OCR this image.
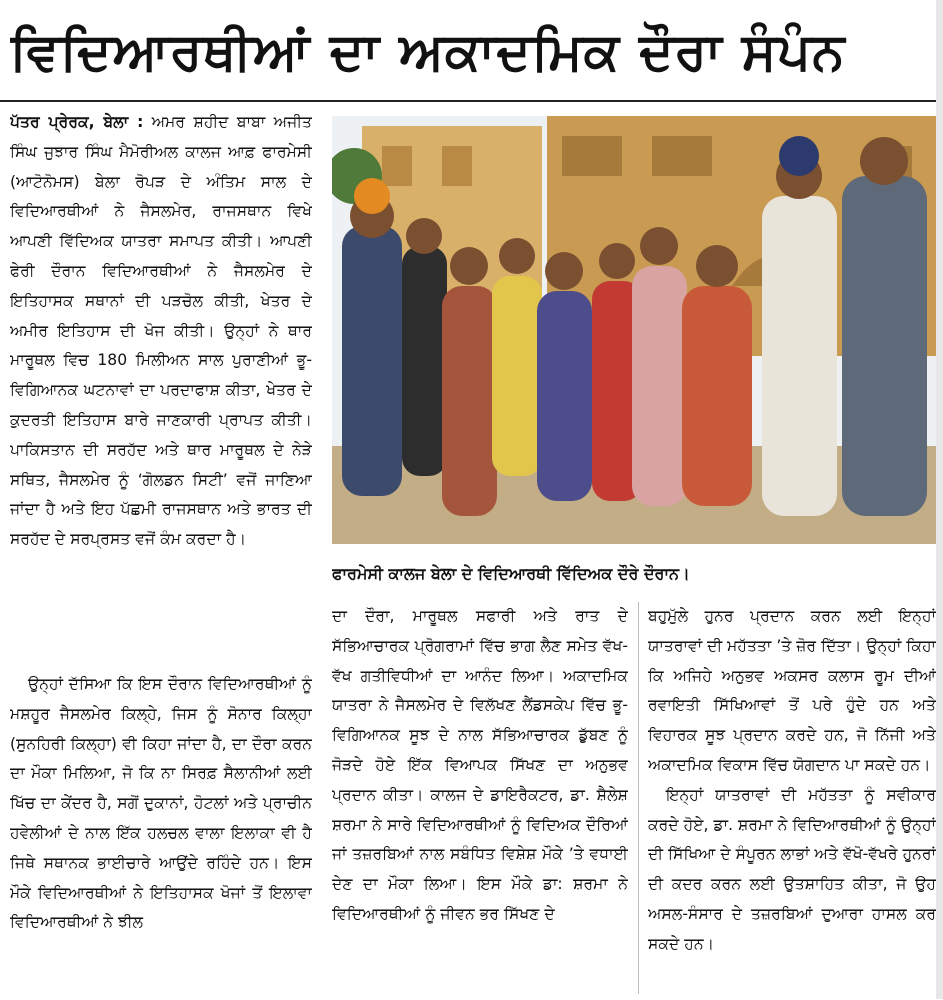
ਵਿਦਿਆਰਥੀਆਂ ਦਾ ਅਕਾਦਮਿਕ ਦੌਰਾ ਸੰਪੰਨ

ਪੱਤਰ ਪ੍ਰੇਰਕ, ਬੇਲਾ : ਅਮਰ ਸ਼ਹੀਦ ਬਾਬਾ ਅਜੀਤ ਸਿੰਘ ਜੁਝਾਰ ਸਿੰਘ ਮੈਮੋਰੀਅਲ ਕਾਲਜ ਆਫ਼ ਫਾਰਮੇਸੀ (ਆਟੋਨੋਮਸ) ਬੇਲਾ ਰੋਪੜ ਦੇ ਅੰਤਿਮ ਸਾਲ ਦੇ ਵਿਦਿਆਰਥੀਆਂ ਨੇ ਜੈਸਲਮੇਰ, ਰਾਜਸਥਾਨ ਵਿਖੇ ਆਪਣੀ ਵਿੱਦਿਅਕ ਯਾਤਰਾ ਸਮਾਪਤ ਕੀਤੀ। ਆਪਣੀ ਫੇਰੀ ਦੌਰਾਨ ਵਿਦਿਆਰਥੀਆਂ ਨੇ ਜੈਸਲਮੇਰ ਦੇ ਇਤਿਹਾਸਕ ਸਥਾਨਾਂ ਦੀ ਪੜਚੋਲ ਕੀਤੀ, ਖੇਤਰ ਦੇ ਅਮੀਰ ਇਤਿਹਾਸ ਦੀ ਖੋਜ ਕੀਤੀ। ਉਨ੍ਹਾਂ ਨੇ ਥਾਰ ਮਾਰੂਥਲ ਵਿਚ 180 ਮਿਲੀਅਨ ਸਾਲ ਪੁਰਾਣੀਆਂ ਭੂ-ਵਿਗਿਆਨਕ ਘਟਨਾਵਾਂ ਦਾ ਪਰਦਾਫਾਸ਼ ਕੀਤਾ, ਖੇਤਰ ਦੇ ਕੁਦਰਤੀ ਇਤਿਹਾਸ ਬਾਰੇ ਜਾਣਕਾਰੀ ਪ੍ਰਾਪਤ ਕੀਤੀ। ਪਾਕਿਸਤਾਨ ਦੀ ਸਰਹੱਦ ਅਤੇ ਥਾਰ ਮਾਰੂਥਲ ਦੇ ਨੇੜੇ ਸਥਿਤ, ਜੈਸਲਮੇਰ ਨੂੰ ‘ਗੋਲਡਨ ਸਿਟੀ’ ਵਜੋਂ ਜਾਣਿਆ ਜਾਂਦਾ ਹੈ ਅਤੇ ਇਹ ਪੱਛਮੀ ਰਾਜਸਥਾਨ ਅਤੇ ਭਾਰਤ ਦੀ ਸਰਹੱਦ ਦੇ ਸਰਪ੍ਰਸਤ ਵਜੋਂ ਕੰਮ ਕਰਦਾ ਹੈ।

ਉਨ੍ਹਾਂ ਦੱਸਿਆ ਕਿ ਇਸ ਦੌਰਾਨ ਵਿਦਿਆਰਥੀਆਂ ਨੂੰ ਮਸ਼ਹੂਰ ਜੈਸਲਮੇਰ ਕਿਲ੍ਹੇ, ਜਿਸ ਨੂੰ ਸੋਨਾਰ ਕਿਲ੍ਹਾ (ਸੁਨਹਿਰੀ ਕਿਲ੍ਹਾ) ਵੀ ਕਿਹਾ ਜਾਂਦਾ ਹੈ, ਦਾ ਦੌਰਾ ਕਰਨ ਦਾ ਮੌਕਾ ਮਿਲਿਆ, ਜੋ ਕਿ ਨਾ ਸਿਰਫ਼ ਸੈਲਾਨੀਆਂ ਲਈ ਖਿੱਚ ਦਾ ਕੇਂਦਰ ਹੈ, ਸਗੋਂ ਦੁਕਾਨਾਂ, ਹੋਟਲਾਂ ਅਤੇ ਪ੍ਰਾਚੀਨ ਹਵੇਲੀਆਂ ਦੇ ਨਾਲ ਇੱਕ ਹਲਚਲ ਵਾਲਾ ਇਲਾਕਾ ਵੀ ਹੈ ਜਿਥੇ ਸਥਾਨਕ ਭਾਈਚਾਰੇ ਆਉਂਦੇ ਰਹਿੰਦੇ ਹਨ। ਇਸ ਮੌਕੇ ਵਿਦਿਆਰਥੀਆਂ ਨੇ ਇਤਿਹਾਸਕ ਖੋਜਾਂ ਤੋਂ ਇਲਾਵਾ ਵਿਦਿਆਰਥੀਆਂ ਨੇ ਝੀਲ

ਫਾਰਮੇਸੀ ਕਾਲਜ ਬੇਲਾ ਦੇ ਵਿਦਿਆਰਥੀ ਵਿੱਦਿਅਕ ਦੌਰੇ ਦੌਰਾਨ।

ਦਾ ਦੌਰਾ, ਮਾਰੂਥਲ ਸਫਾਰੀ ਅਤੇ ਰਾਤ ਦੇ ਸੱਭਿਆਚਾਰਕ ਪ੍ਰੋਗਰਾਮਾਂ ਵਿੱਚ ਭਾਗ ਲੈਣ ਸਮੇਤ ਵੱਖ-ਵੱਖ ਗਤੀਵਿਧੀਆਂ ਦਾ ਆਨੰਦ ਲਿਆ। ਅਕਾਦਮਿਕ ਯਾਤਰਾ ਨੇ ਜੈਸਲਮੇਰ ਦੇ ਵਿਲੱਖਣ ਲੈਂਡਸਕੇਪ ਵਿੱਚ ਭੂ-ਵਿਗਿਆਨਕ ਸੂਝ ਦੇ ਨਾਲ ਸੱਭਿਆਚਾਰਕ ਡੁੱਬਣ ਨੂੰ ਜੋੜਦੇ ਹੋਏ ਇੱਕ ਵਿਆਪਕ ਸਿੱਖਣ ਦਾ ਅਨੁਭਵ ਪ੍ਰਦਾਨ ਕੀਤਾ। ਕਾਲਜ ਦੇ ਡਾਇਰੈਕਟਰ, ਡਾ. ਸ਼ੈਲੇਸ਼ ਸ਼ਰਮਾ ਨੇ ਸਾਰੇ ਵਿਦਿਆਰਥੀਆਂ ਨੂੰ ਵਿਦਿਅਕ ਦੌਰਿਆਂ ਜਾਂ ਤਜ਼ਰਬਿਆਂ ਨਾਲ ਸਬੰਧਿਤ ਵਿਸ਼ੇਸ਼ ਮੌਕੇ ’ਤੇ ਵਧਾਈ ਦੇਣ ਦਾ ਮੌਕਾ ਲਿਆ। ਇਸ ਮੌਕੇ ਡਾ: ਸ਼ਰਮਾ ਨੇ ਵਿਦਿਆਰਥੀਆਂ ਨੂੰ ਜੀਵਨ ਭਰ ਸਿੱਖਣ ਦੇ

ਬਹੁਮੁੱਲੇ ਹੁਨਰ ਪ੍ਰਦਾਨ ਕਰਨ ਲਈ ਇਨ੍ਹਾਂ ਯਾਤਰਾਵਾਂ ਦੀ ਮਹੱਤਤਾ ’ਤੇ ਜ਼ੋਰ ਦਿੱਤਾ। ਉਨ੍ਹਾਂ ਕਿਹਾ ਕਿ ਅਜਿਹੇ ਅਨੁਭਵ ਅਕਸਰ ਕਲਾਸ ਰੂਮ ਦੀਆਂ ਰਵਾਇਤੀ ਸਿੱਖਿਆਵਾਂ ਤੋਂ ਪਰੇ ਹੁੰਦੇ ਹਨ ਅਤੇ ਵਿਹਾਰਕ ਸੂਝ ਪ੍ਰਦਾਨ ਕਰਦੇ ਹਨ, ਜੋ ਨਿੱਜੀ ਅਤੇ ਅਕਾਦਮਿਕ ਵਿਕਾਸ ਵਿੱਚ ਯੋਗਦਾਨ ਪਾ ਸਕਦੇ ਹਨ।

ਇਨ੍ਹਾਂ ਯਾਤਰਾਵਾਂ ਦੀ ਮਹੱਤਤਾ ਨੂੰ ਸਵੀਕਾਰ ਕਰਦੇ ਹੋਏ, ਡਾ. ਸ਼ਰਮਾ ਨੇ ਵਿਦਿਆਰਥੀਆਂ ਨੂੰ ਉਨ੍ਹਾਂ ਦੀ ਸਿੱਖਿਆ ਦੇ ਸੰਪੂਰਨ ਲਾਭਾਂ ਅਤੇ ਵੱਖੋ-ਵੱਖਰੇ ਹੁਨਰਾਂ ਦੀ ਕਦਰ ਕਰਨ ਲਈ ਉਤਸ਼ਾਹਿਤ ਕੀਤਾ, ਜੋ ਉਹ ਅਸਲ-ਸੰਸਾਰ ਦੇ ਤਜ਼ਰਬਿਆਂ ਦੁਆਰਾ ਹਾਸਲ ਕਰ ਸਕਦੇ ਹਨ।
